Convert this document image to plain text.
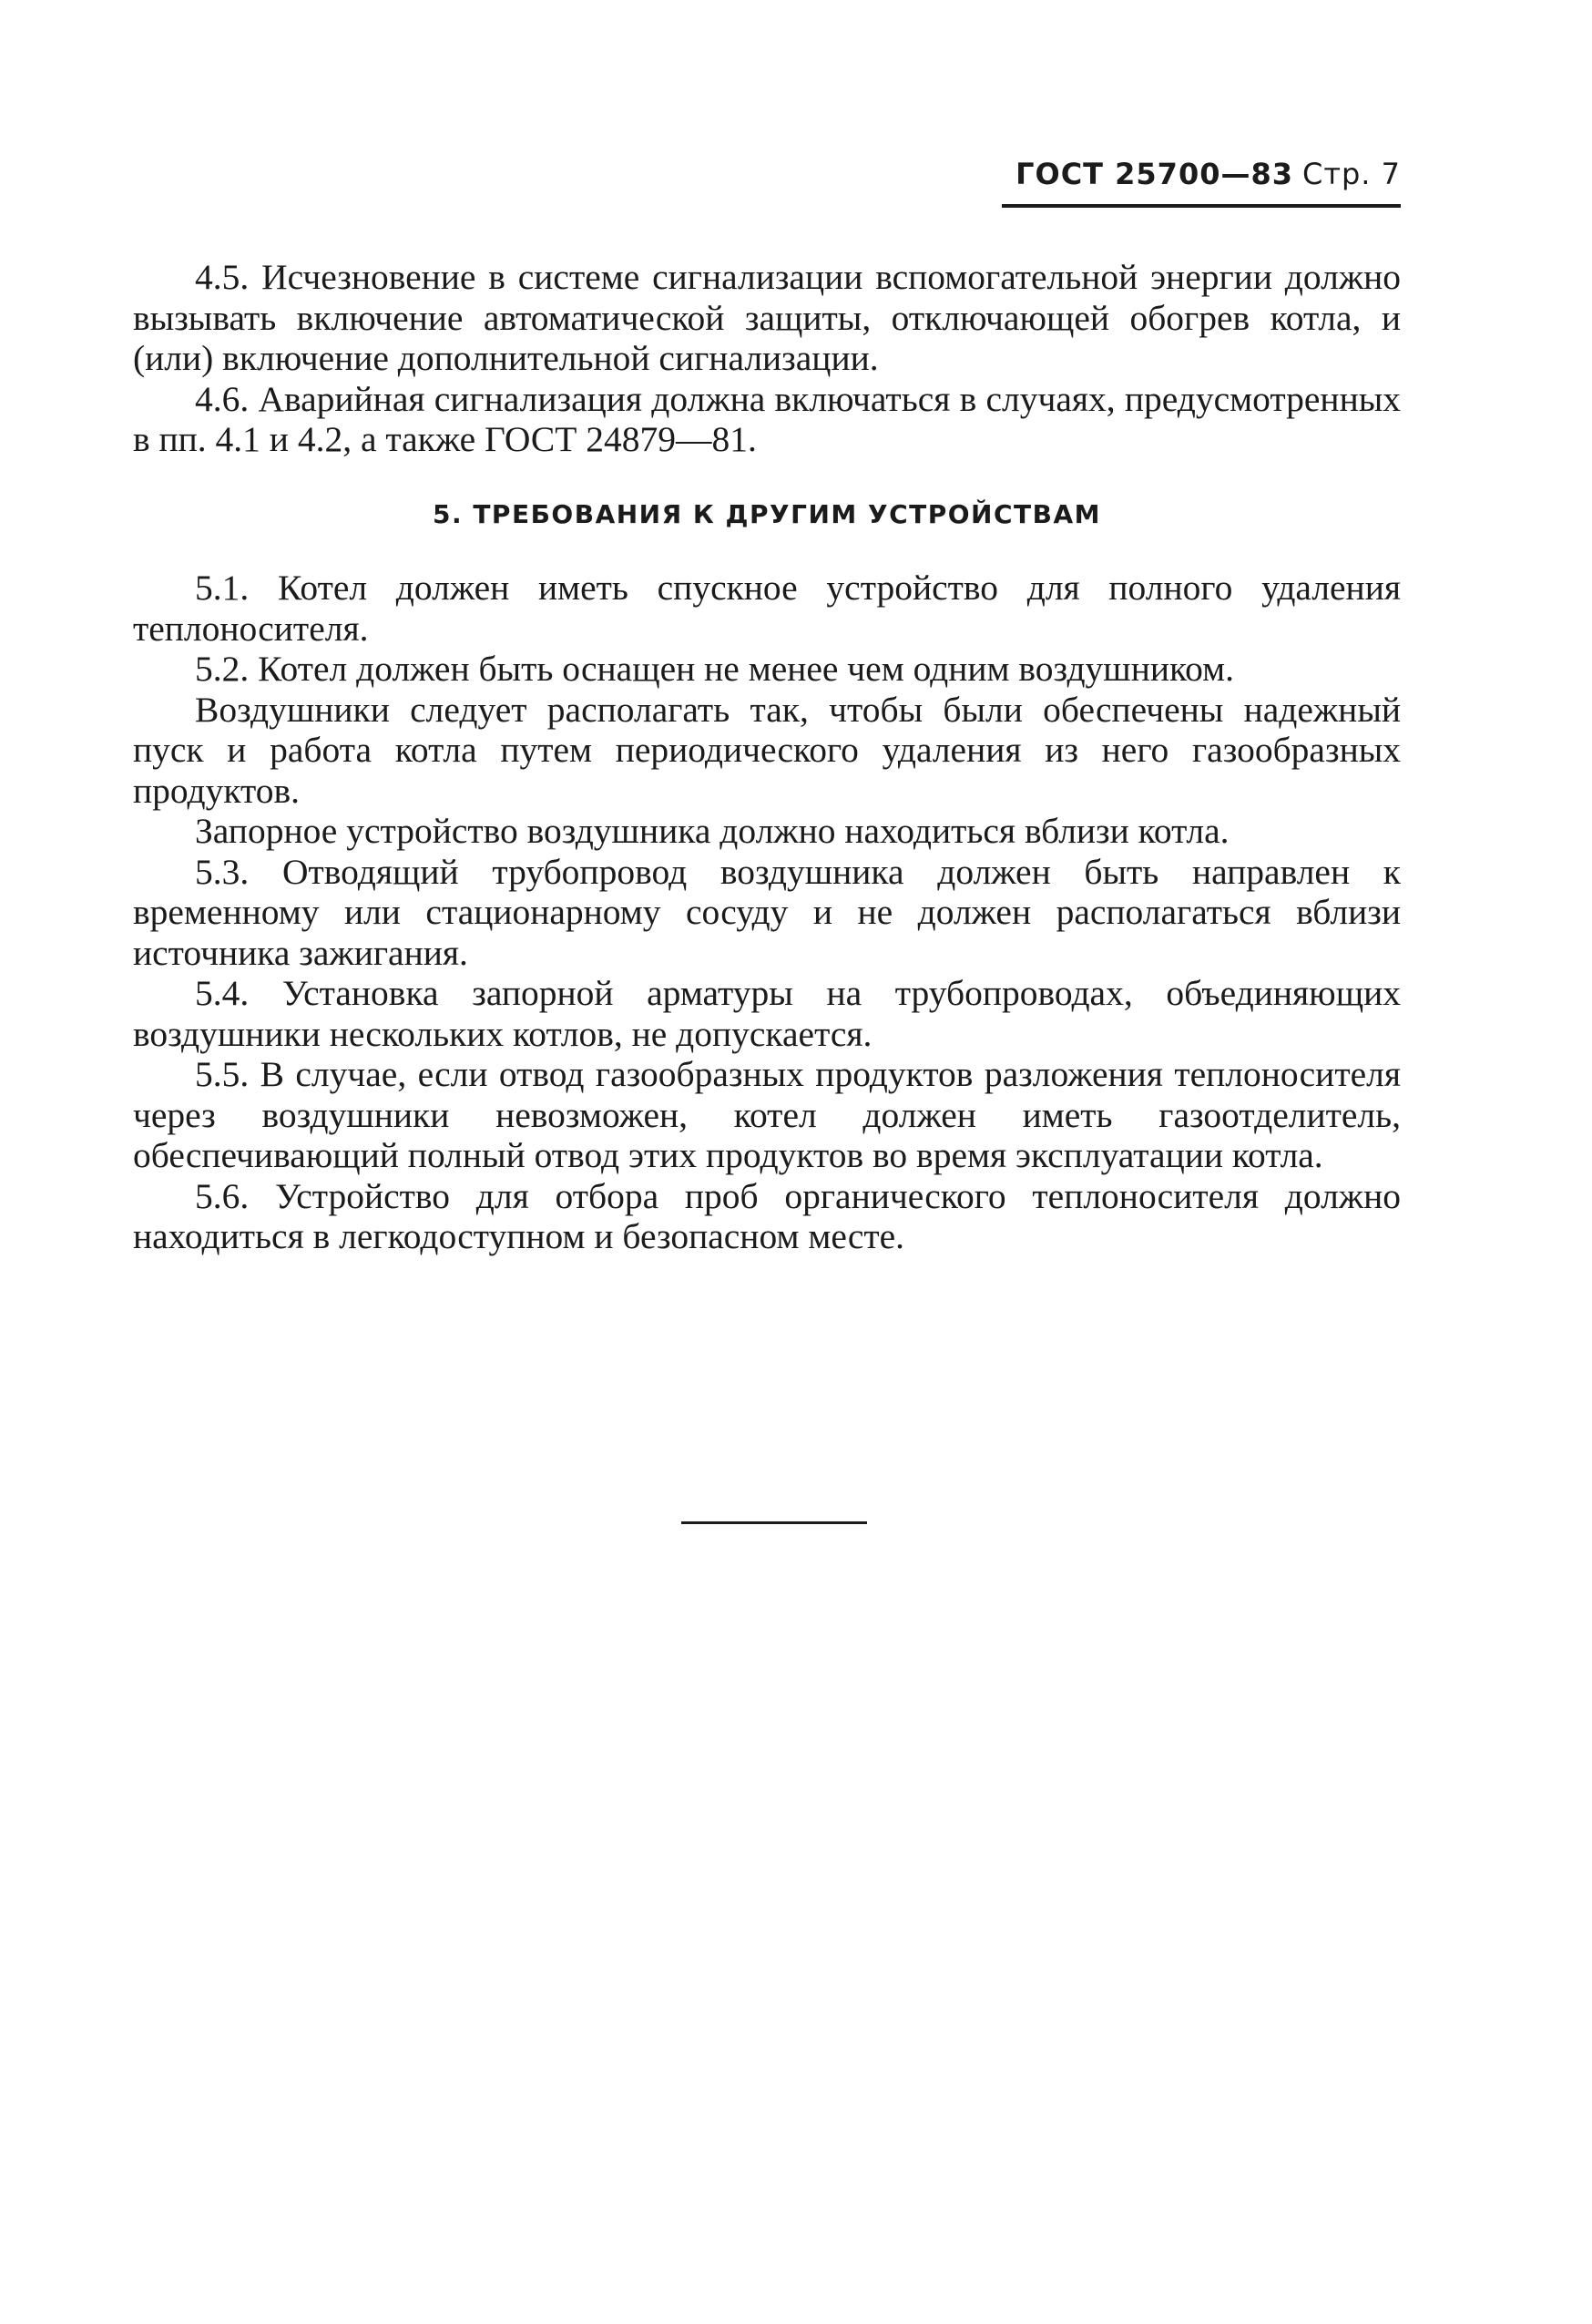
ГОСТ 25700—83 Стр. 7

4.5. Исчезновение в системе сигнализации вспомогательной энергии должно вызывать включение автоматической защиты, отключающей обогрев котла, и (или) включение дополнительной сигнализации.

4.6. Аварийная сигнализация должна включаться в случаях, предусмотренных в пп. 4.1 и 4.2, а также ГОСТ 24879—81.

5. ТРЕБОВАНИЯ К ДРУГИМ УСТРОЙСТВАМ

5.1. Котел должен иметь спускное устройство для полного удаления теплоносителя.

5.2. Котел должен быть оснащен не менее чем одним воздушником.

Воздушники следует располагать так, чтобы были обеспечены надежный пуск и работа котла путем периодического удаления из него газообразных продуктов.

Запорное устройство воздушника должно находиться вблизи котла.

5.3. Отводящий трубопровод воздушника должен быть направлен к временному или стационарному сосуду и не должен располагаться вблизи источника зажигания.

5.4. Установка запорной арматуры на трубопроводах, объединяющих воздушники нескольких котлов, не допускается.

5.5. В случае, если отвод газообразных продуктов разложения теплоносителя через воздушники невозможен, котел должен иметь газоотделитель, обеспечивающий полный отвод этих продуктов во время эксплуатации котла.

5.6. Устройство для отбора проб органического теплоносителя должно находиться в легкодоступном и безопасном месте.
